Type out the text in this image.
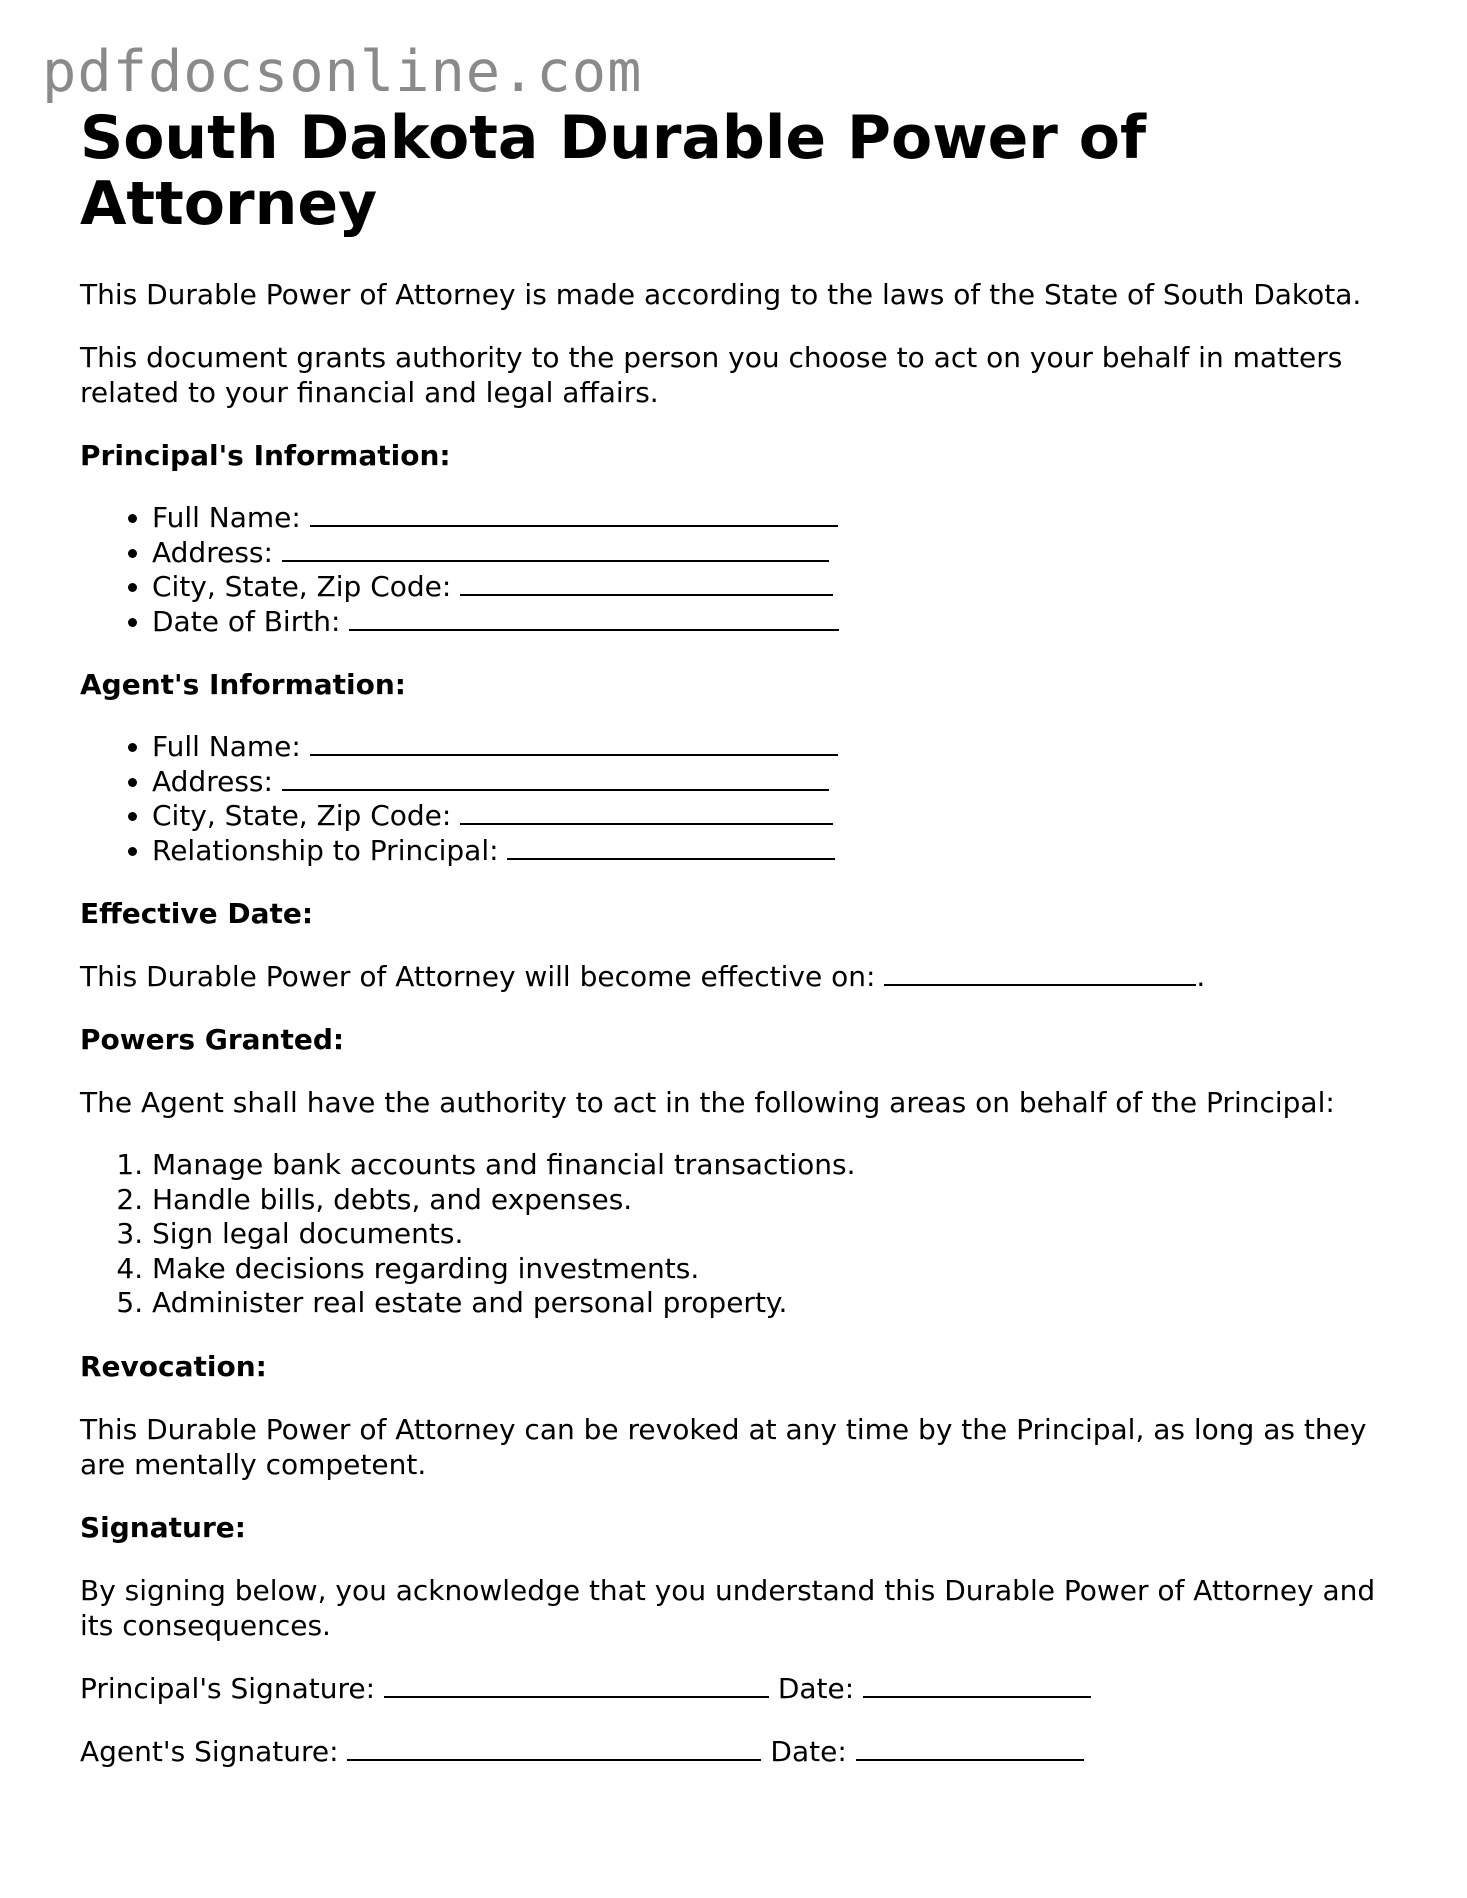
pdfdocsonline.com
South Dakota Durable Power of Attorney

This Durable Power of Attorney is made according to the laws of the State of South Dakota.

This document grants authority to the person you choose to act on your behalf in matters related to your financial and legal affairs.

Principal's Information:
• Full Name:
• Address:
• City, State, Zip Code:
• Date of Birth:
Agent's Information:
• Full Name:
• Address:
• City, State, Zip Code:
• Relationship to Principal:
Effective Date:

This Durable Power of Attorney will become effective on:	.

Powers Granted:

The Agent shall have the authority to act in the following areas on behalf of the Principal:

1. Manage bank accounts and financial transactions.
2. Handle bills, debts, and expenses.
3. Sign legal documents.
4. Make decisions regarding investments.
5. Administer real estate and personal property.
Revocation:

This Durable Power of Attorney can be revoked at any time by the Principal, as long as they are mentally competent.

Signature:

By signing below, you acknowledge that you understand this Durable Power of Attorney and its consequences.

Principal's Signature:	Date:
Agent's Signature:	Date:
